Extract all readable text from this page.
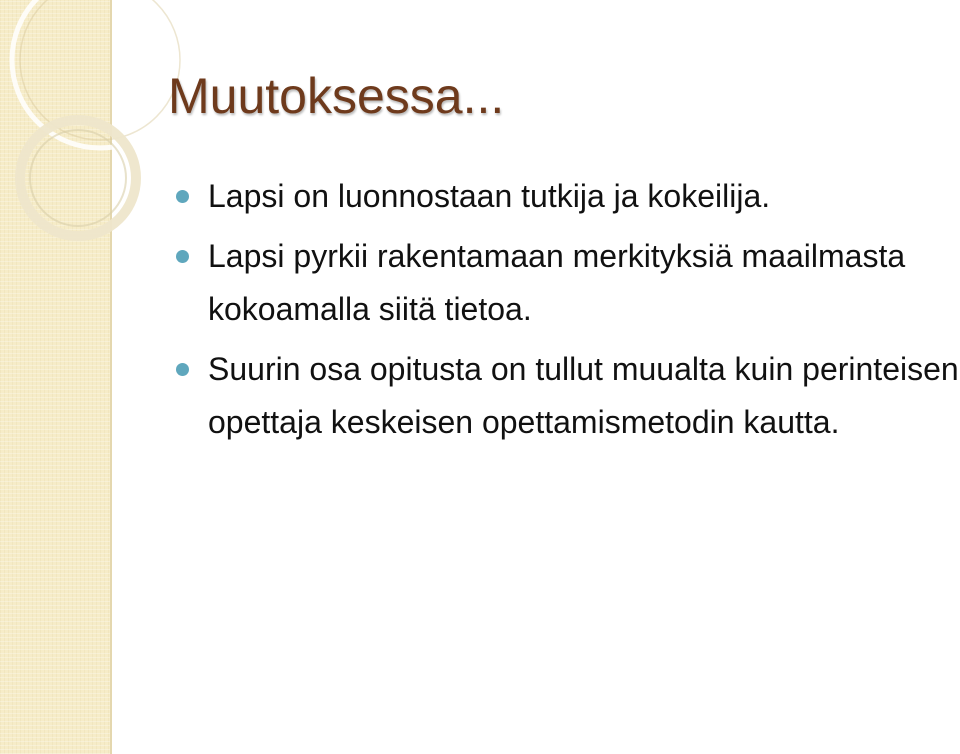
Muutoksessa...
Lapsi on luonnostaan tutkija ja kokeilija.
Lapsi pyrkii rakentamaan merkityksiä maailmasta kokoamalla siitä tietoa.
Suurin osa opitusta on tullut muualta kuin perinteisen opettaja keskeisen opettamismetodin kautta.
